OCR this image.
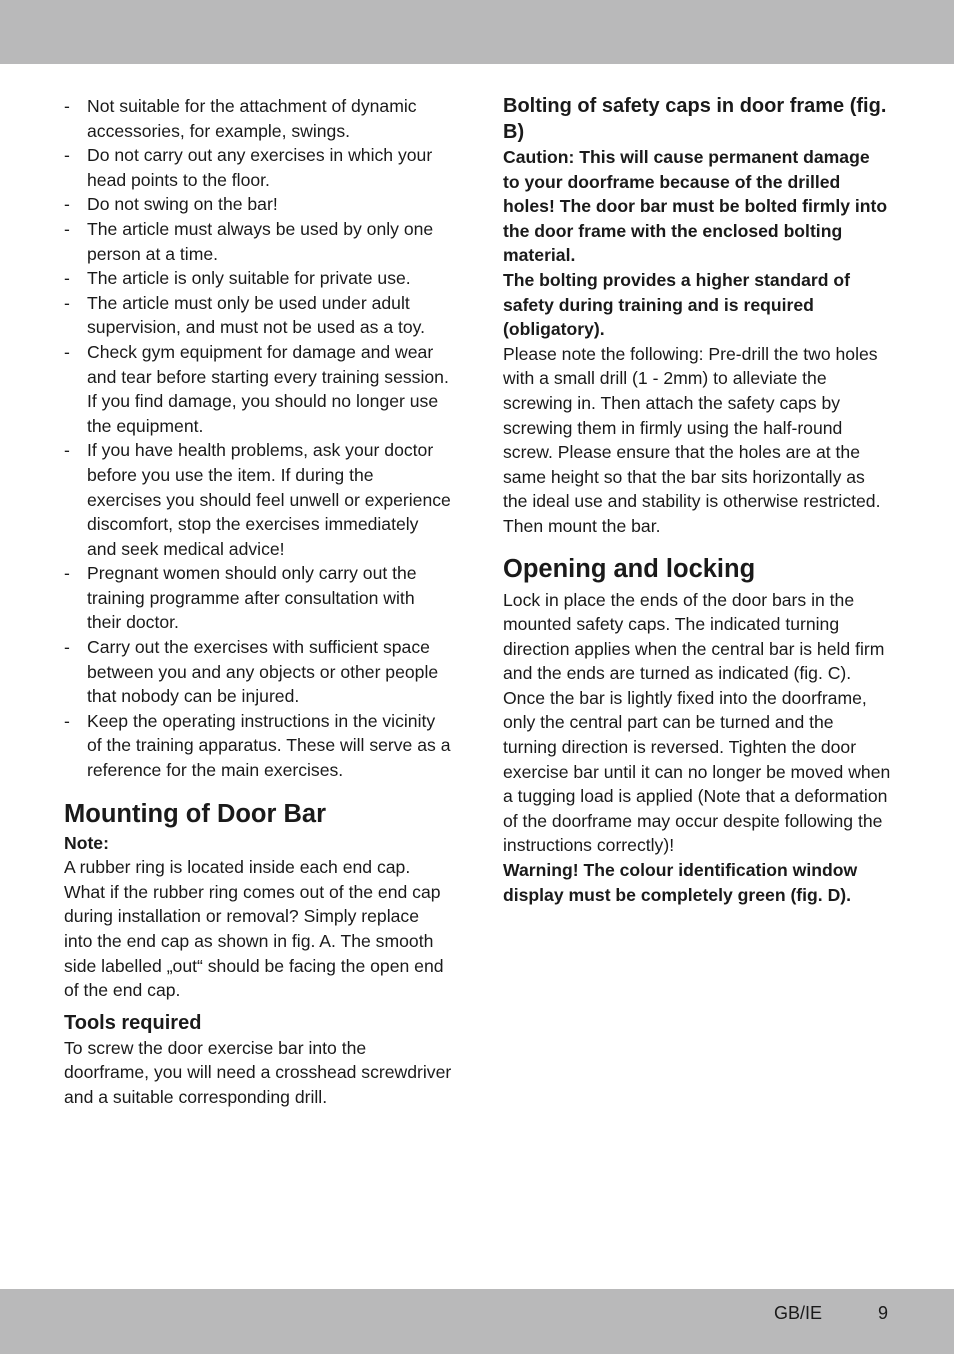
- Not suitable for the attachment of dynamic accessories, for example, swings.
- Do not carry out any exercises in which your head points to the floor.
- Do not swing on the bar!
- The article must always be used by only one person at a time.
- The article is only suitable for private use.
- The article must only be used under adult supervision, and must not be used as a toy.
- Check gym equipment for damage and wear and tear before starting every training session. If you find damage, you should no longer use the equipment.
- If you have health problems, ask your doctor before you use the item. If during the exercises you should feel unwell or experience discomfort, stop the exercises immediately and seek medical advice!
- Pregnant women should only carry out the training programme after consultation with their doctor.
- Carry out the exercises with sufficient space between you and any objects or other people that nobody can be injured.
- Keep the operating instructions in the vicinity of the training apparatus. These will serve as a reference for the main exercises.
Mounting of Door Bar

Note:

A rubber ring is located inside each end cap. What if the rubber ring comes out of the end cap during installation or removal? Simply replace into the end cap as shown in fig. A. The smooth side labelled „out“ should be facing the open end of the end cap.

Tools required

To screw the door exercise bar into the doorframe, you will need a crosshead screwdriver and a suitable corresponding drill.

Bolting of safety caps in door frame (fig. B)

Caution: This will cause permanent damage to your doorframe because of the drilled holes! The door bar must be bolted firmly into the door frame with the enclosed bolting material.

The bolting provides a higher standard of safety during training and is required (obligatory).

Please note the following: Pre-drill the two holes with a small drill (1 - 2mm) to alleviate the screwing in. Then attach the safety caps by screwing them in firmly using the half-round screw. Please ensure that the holes are at the same height so that the bar sits horizontally as the ideal use and stability is otherwise restricted. Then mount the bar.

Opening and locking

Lock in place the ends of the door bars in the mounted safety caps. The indicated turning direction applies when the central bar is held firm and the ends are turned as indicated (fig. C). Once the bar is lightly fixed into the doorframe, only the central part can be turned and the turning direction is reversed. Tighten the door exercise bar until it can no longer be moved when a tugging load is applied (Note that a deformation of the doorframe may occur despite following the instructions correctly)!

Warning! The colour identification window display must be completely green (fig. D).

GB/IE	9
